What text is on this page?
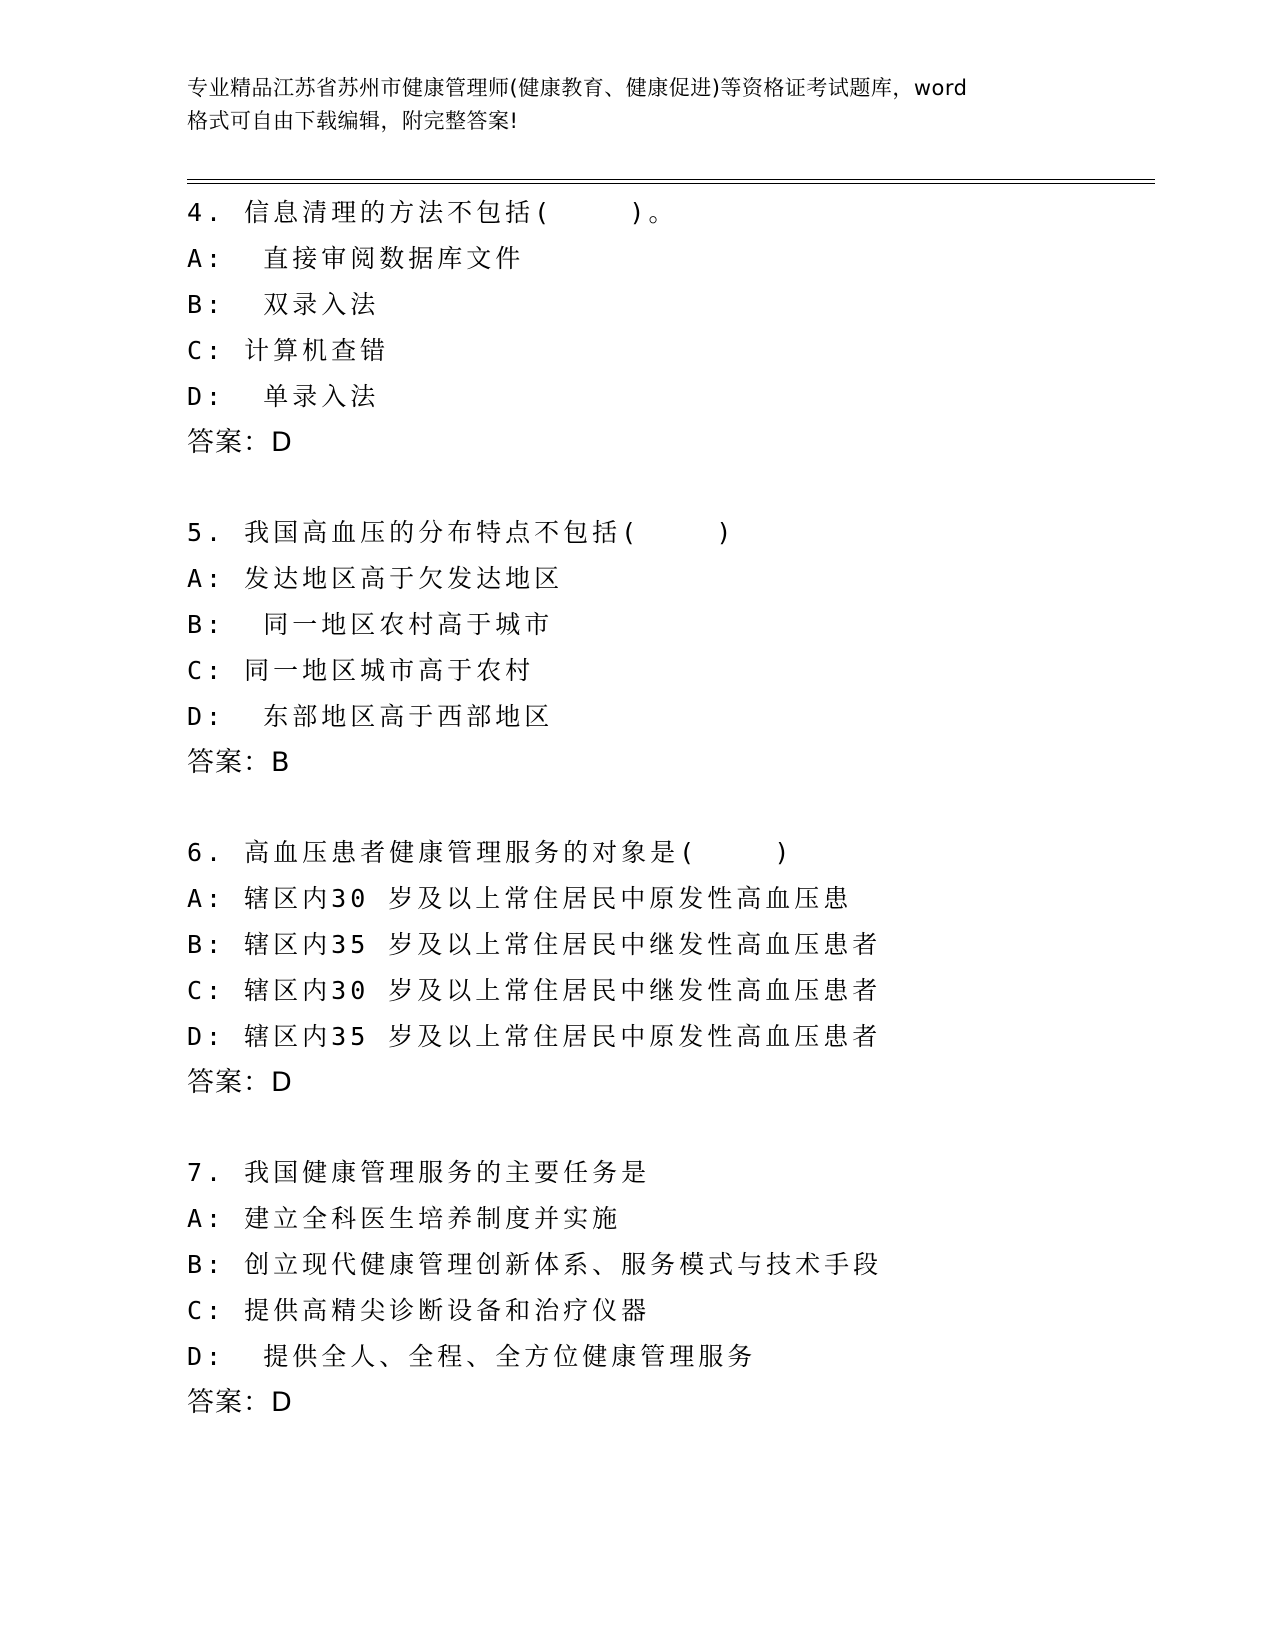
专业精品江苏省苏州市健康管理师(健康教育、健康促进)等资格证考试题库，word
格式可自由下载编辑，附完整答案!
4. 信息清理的方法不包括(    )。
A:  直接审阅数据库文件
B:  双录入法
C: 计算机查错
D:  单录入法
答案：D
5. 我国高血压的分布特点不包括(    )
A: 发达地区高于欠发达地区
B:  同一地区农村高于城市
C: 同一地区城市高于农村
D:  东部地区高于西部地区
答案：B
6. 高血压患者健康管理服务的对象是(    )
A: 辖区内30 岁及以上常住居民中原发性高血压患
B: 辖区内35 岁及以上常住居民中继发性高血压患者
C: 辖区内30 岁及以上常住居民中继发性高血压患者
D: 辖区内35 岁及以上常住居民中原发性高血压患者
答案：D
7. 我国健康管理服务的主要任务是
A: 建立全科医生培养制度并实施
B: 创立现代健康管理创新体系、服务模式与技术手段
C: 提供高精尖诊断设备和治疗仪器
D:  提供全人、全程、全方位健康管理服务
答案：D
